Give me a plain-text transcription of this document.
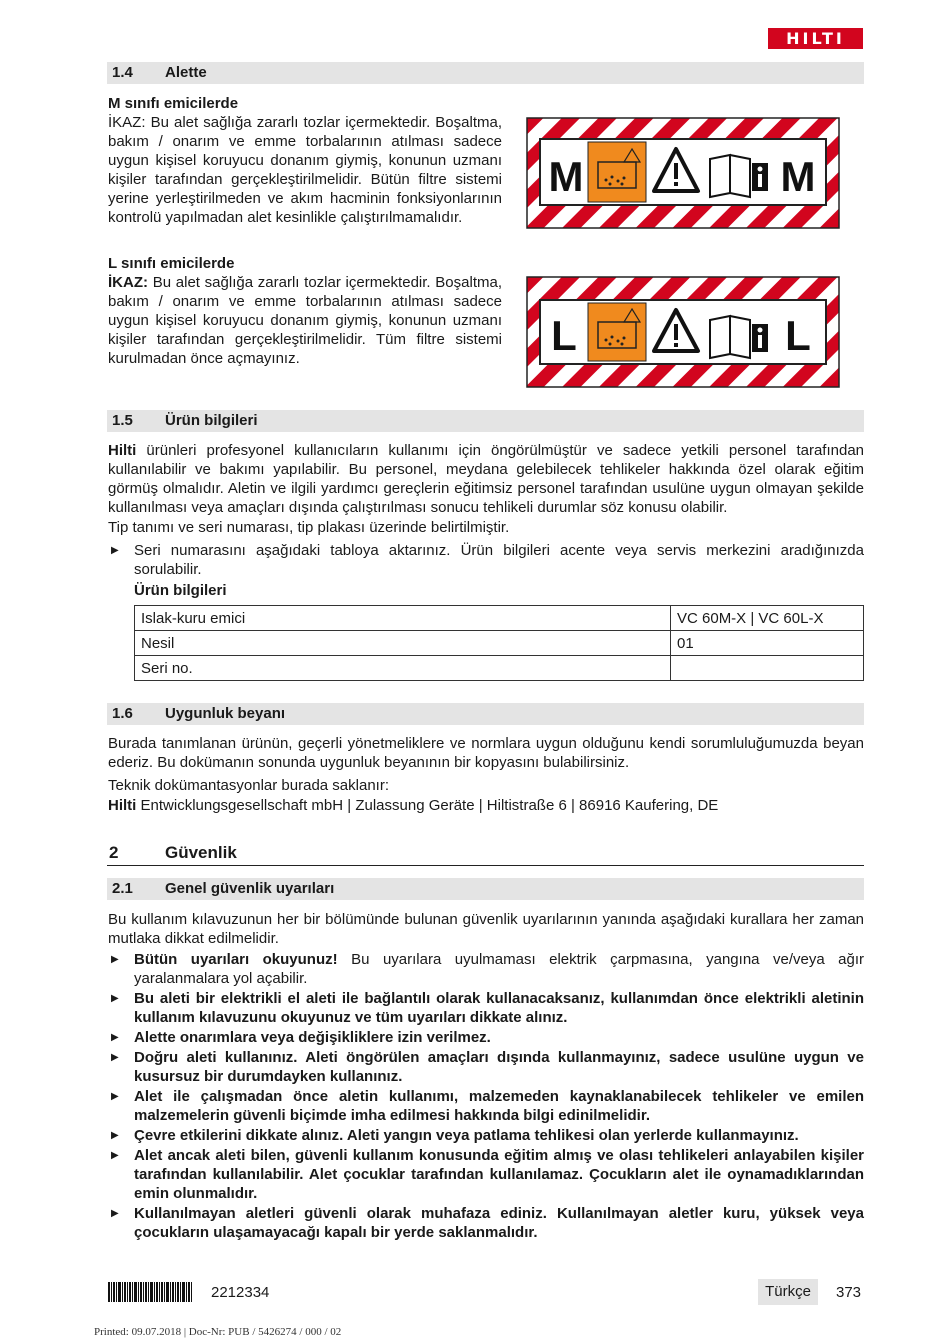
HILTI
1.4 Alette
M sınıfı emicilerde
İKAZ: Bu alet sağlığa zararlı tozlar içermektedir. Boşaltma, bakım / onarım ve emme torbalarının atılması sadece uygun kişisel koruyucu donanım giymiş, konunun uzmanı kişiler tarafından gerçekleştirilmelidir. Bütün filtre sistemi yerine yerleştirilmeden ve akım hacminin fonksiyonlarının kontrolü yapılmadan alet kesinlikle çalıştırılmamalıdır.
L sınıfı emicilerde
İKAZ: Bu alet sağlığa zararlı tozlar içermektedir. Boşaltma, bakım / onarım ve emme torbalarının atılması sadece uygun kişisel koruyucu donanım giymiş, konunun uzmanı kişiler tarafından gerçekleştirilmelidir. Tüm filtre sistemi kurulmadan önce açmayınız.
M	M
L	L
1.5 Ürün bilgileri
Hilti ürünleri profesyonel kullanıcıların kullanımı için öngörülmüştür ve sadece yetkili personel tarafından kullanılabilir ve bakımı yapılabilir. Bu personel, meydana gelebilecek tehlikeler hakkında özel olarak eğitim görmüş olmalıdır. Aletin ve ilgili yardımcı gereçlerin eğitimsiz personel tarafından usulüne uygun olmayan şekilde kullanılması veya amaçları dışında çalıştırılması sonucu tehlikeli durumlar söz konusu olabilir.
Tip tanımı ve seri numarası, tip plakası üzerinde belirtilmiştir.
▶ Seri numarasını aşağıdaki tabloya aktarınız. Ürün bilgileri acente veya servis merkezini aradığınızda sorulabilir.
Ürün bilgileri
Islak-kuru emici	VC 60M-X | VC 60L-X
Nesil	01
Seri no.	
1.6 Uygunluk beyanı
Burada tanımlanan ürünün, geçerli yönetmeliklere ve normlara uygun olduğunu kendi sorumluluğumuzda beyan ederiz. Bu dokümanın sonunda uygunluk beyanının bir kopyasını bulabilirsiniz.
Teknik dokümantasyonlar burada saklanır:
Hilti Entwicklungsgesellschaft mbH | Zulassung Geräte | Hiltistraße 6 | 86916 Kaufering, DE
2	Güvenlik
2.1 Genel güvenlik uyarıları
Bu kullanım kılavuzunun her bir bölümünde bulunan güvenlik uyarılarının yanında aşağıdaki kurallara her zaman mutlaka dikkat edilmelidir.
▶ Bütün uyarıları okuyunuz! Bu uyarılara uyulmaması elektrik çarpmasına, yangına ve/veya ağır yaralanmalara yol açabilir.
▶ Bu aleti bir elektrikli el aleti ile bağlantılı olarak kullanacaksanız, kullanımdan önce elektrikli aletinin kullanım kılavuzunu okuyunuz ve tüm uyarıları dikkate alınız.
▶ Alette onarımlara veya değişikliklere izin verilmez.
▶ Doğru aleti kullanınız. Aleti öngörülen amaçları dışında kullanmayınız, sadece usulüne uygun ve kusursuz bir durumdayken kullanınız.
▶ Alet ile çalışmadan önce aletin kullanımı, malzemeden kaynaklanabilecek tehlikeler ve emilen malzemelerin güvenli biçimde imha edilmesi hakkında bilgi edinilmelidir.
▶ Çevre etkilerini dikkate alınız. Aleti yangın veya patlama tehlikesi olan yerlerde kullanmayınız.
▶ Alet ancak aleti bilen, güvenli kullanım konusunda eğitim almış ve olası tehlikeleri anlayabilen kişiler tarafından kullanılabilir. Alet çocuklar tarafından kullanılamaz. Çocukların alet ile oynamadıklarından emin olunmalıdır.
▶ Kullanılmayan aletleri güvenli olarak muhafaza ediniz. Kullanılmayan aletler kuru, yüksek veya çocukların ulaşamayacağı kapalı bir yerde saklanmalıdır.
2212334	Türkçe	373
Printed: 09.07.2018 | Doc-Nr: PUB / 5426274 / 000 / 02
